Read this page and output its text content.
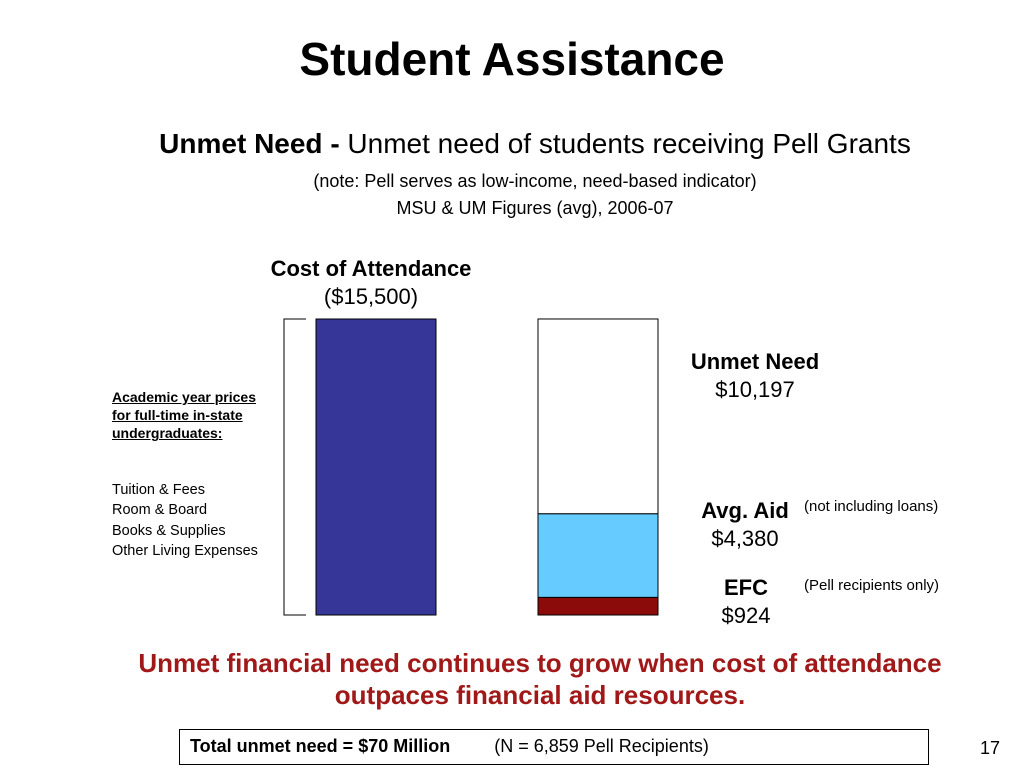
Student Assistance
Unmet Need - Unmet need of students receiving Pell Grants
(note: Pell serves as low-income, need-based indicator)
MSU & UM Figures (avg), 2006-07
Cost of Attendance
($15,500)
Unmet Need
$10,197
Avg. Aid
$4,380
(not including loans)
EFC
$924
(Pell recipients only)
Academic year prices for full-time in-state undergraduates:
Tuition & Fees
Room & Board
Books & Supplies
Other Living Expenses
Unmet financial need continues to grow when cost of attendance
outpaces financial aid resources.
Total unmet need = $70 Million (N = 6,859 Pell Recipients)	17
